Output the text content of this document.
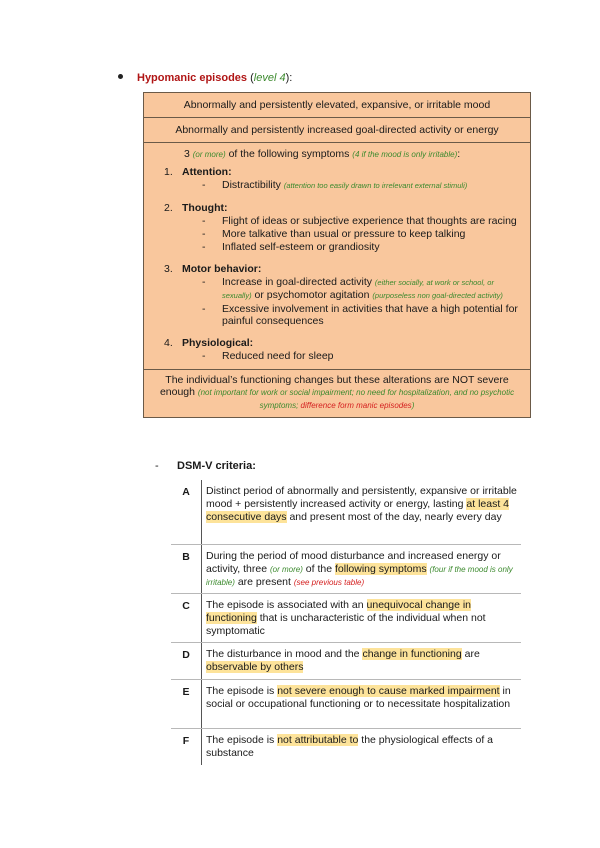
Hypomanic episodes (level 4):
Abnormally and persistently elevated, expansive, or irritable mood
Abnormally and persistently increased goal-directed activity or energy
3 (or more) of the following symptoms (4 if the mood is only irritable):
1. Attention:
- Distractibility (attention too easily drawn to irrelevant external stimuli)
2. Thought:
- Flight of ideas or subjective experience that thoughts are racing
- More talkative than usual or pressure to keep talking
- Inflated self-esteem or grandiosity
3. Motor behavior:
- Increase in goal-directed activity (either socially, at work or school, or sexually) or psychomotor agitation (purposeless non goal-directed activity)
- Excessive involvement in activities that have a high potential for painful consequences
4. Physiological:
- Reduced need for sleep
The individual’s functioning changes but these alterations are NOT severe enough (not important for work or social impairment; no need for hospitalization, and no psychotic symptoms; difference form manic episodes)
- DSM-V criteria:
A	Distinct period of abnormally and persistently, expansive or irritable mood + persistently increased activity or energy, lasting at least 4 consecutive days and present most of the day, nearly every day
B	During the period of mood disturbance and increased energy or activity, three (or more) of the following symptoms (four if the mood is only irritable) are present (see previous table)
C	The episode is associated with an unequivocal change in functioning that is uncharacteristic of the individual when not symptomatic
D	The disturbance in mood and the change in functioning are observable by others
E	The episode is not severe enough to cause marked impairment in social or occupational functioning or to necessitate hospitalization
F	The episode is not attributable to the physiological effects of a substance
